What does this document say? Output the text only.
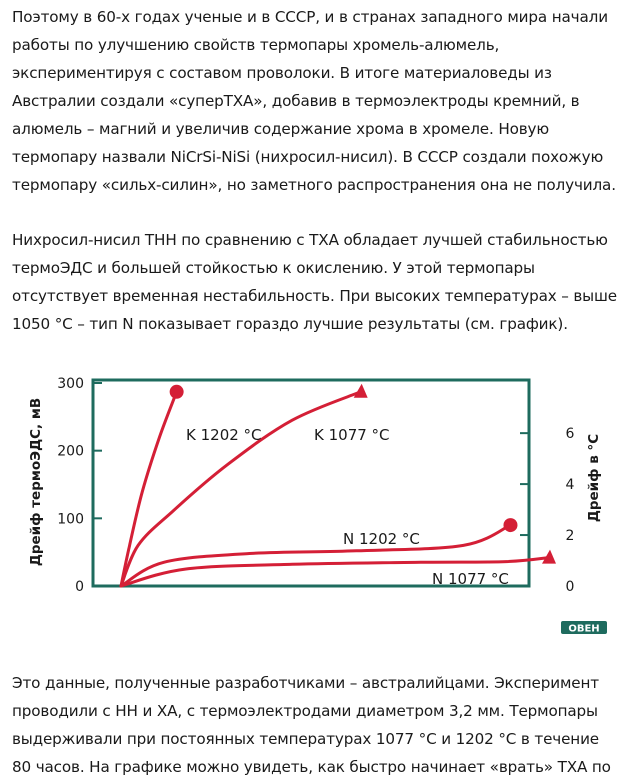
Поэтому в 60-х годах ученые и в СССР, и в странах западного мира начали работы по улучшению свойств термопары хромель-алюмель, экспериментируя с составом проволоки. В итоге материаловеды из Австралии создали «суперТХА», добавив в термоэлектроды кремний, в алюмель – магний и увеличив содержание хрома в хромеле. Новую термопару назвали NiCrSi-NiSi (нихросил-нисил). В СССР создали похожую термопару «сильх-силин», но заметного распространения она не получила.

Нихросил-нисил ТНН по сравнению с ТХА обладает лучшей стабильностью термоЭДС и большей стойкостью к окислению. У этой термопары отсутствует временная нестабильность. При высоких температурах – выше 1050 °С – тип N показывает гораздо лучшие результаты (см. график).

Дрейф термоЭДС, мВ	Дрейф в °С
0
100
200
300
0
2
4
6
K 1202 °C	K 1077 °C
N 1202 °C
N 1077 °C
ОВЕН

Это данные, полученные разработчиками – австралийцами. Эксперимент проводили с НН и ХА, с термоэлектродами диаметром 3,2 мм. Термопары выдерживали при постоянных температурах 1077 °С и 1202 °С в течение 80 часов. На графике можно увидеть, как быстро начинает «врать» ТХА по
